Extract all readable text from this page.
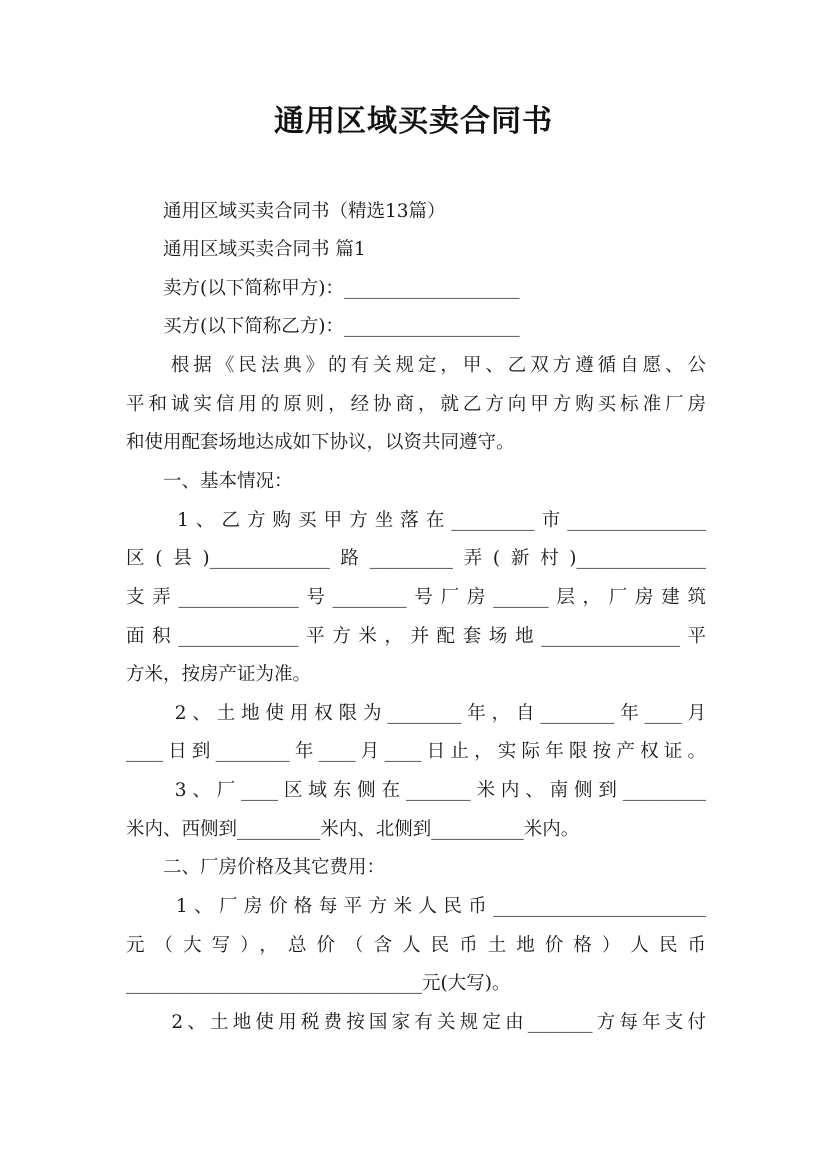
通用区域买卖合同书
　　通用区域买卖合同书（精选13篇）
　　通用区域买卖合同书 篇1
　　卖方(以下简称甲方)：___________________
　　买方(以下简称乙方)：___________________
　　根据《民法典》的有关规定，甲、乙双方遵循自愿、公
平和诚实信用的原则，经协商，就乙方向甲方购买标准厂房
和使用配套场地达成如下协议，以资共同遵守。
　　一、基本情况：
　　1、乙方购买甲方坐落在_________市_______________
区(县)_____________路_________弄(新村)______________
支弄_____________号________号厂房______层，厂房建筑
面积_____________平方米，并配套场地_______________平
方米，按房产证为准。
　　2、土地使用权限为________年，自________年____月
____日到________年____月____日止，实际年限按产权证。
　　3、厂____区域东侧在_______米内、南侧到_________
米内、西侧到_________米内、北侧到__________米内。
　　二、厂房价格及其它费用：
　　1、厂房价格每平方米人民币_______________________
元（大写），总价（含人民币土地价格）人民币
________________________________元(大写)。
　　2、土地使用税费按国家有关规定由_______方每年支付
